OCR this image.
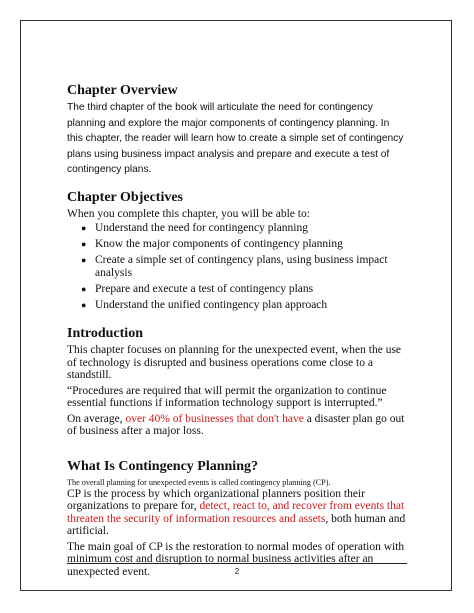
Chapter Overview

The third chapter of the book will articulate the need for contingency planning and explore the major components of contingency planning. In this chapter, the reader will learn how to create a simple set of contingency plans using business impact analysis and prepare and execute a test of contingency plans.

Chapter Objectives

When you complete this chapter, you will be able to:

● Understand the need for contingency planning
● Know the major components of contingency planning
● Create a simple set of contingency plans, using business impact analysis
● Prepare and execute a test of contingency plans
● Understand the unified contingency plan approach
Introduction

This chapter focuses on planning for the unexpected event, when the use of technology is disrupted and business operations come close to a standstill.

“Procedures are required that will permit the organization to continue essential functions if information technology support is interrupted.”

On average, over 40% of businesses that don't have a disaster plan go out of business after a major loss.

What Is Contingency Planning?

The overall planning for unexpected events is called contingency planning (CP).

CP is the process by which organizational planners position their organizations to prepare for, detect, react to, and recover from events that threaten the security of information resources and assets, both human and artificial.

The main goal of CP is the restoration to normal modes of operation with minimum cost and disruption to normal business activities after an unexpected event.	2
